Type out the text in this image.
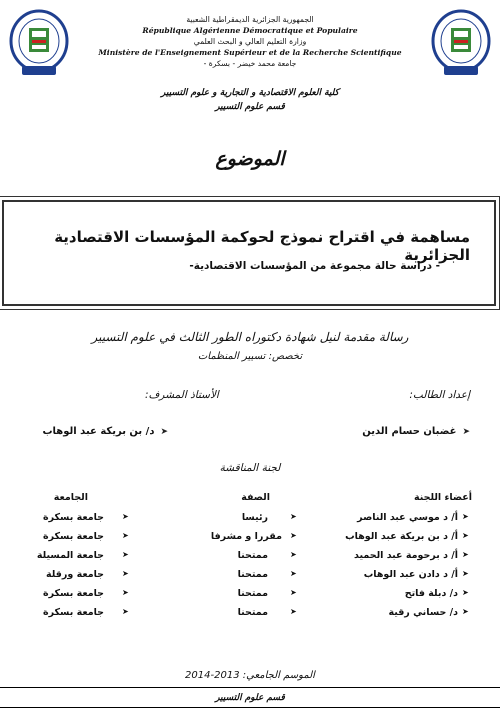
الجمهورية الجزائرية الديمقراطية الشعبية
République Algérienne Démocratique et Populaire
وزارة التعليم العالي و البحث العلمي
Ministère de l'Enseignement Supérieur et de la Recherche Scientifique
جامعة محمد خيضر - بسكرة -
كلية العلوم الاقتصادية و التجارية و علوم التسيير
قسم علوم التسيير
الموضوع
مساهمة في اقتراح نموذج لحوكمة المؤسسات الاقتصادية الجزائرية
- دراسة حالة مجموعة من المؤسسات الاقتصادية-
رسالة مقدمة لنيل شهادة دكتوراه الطور الثالث في علوم التسيير
تخصص: تسيير المنظمات
إعداد الطالب:
الأستاذ المشرف:
➤
غضبان حسام الدين
➤
د/ بن بريكة عبد الوهاب
لجنة المناقشة
أعضاء اللجنة
الصفة
الجامعة
➤
أ/ د موسي عبد الناصر
➤
رئيسا
➤
جامعة بسكرة
➤
أ/ د بن بريكة عبد الوهاب
➤
مقررا و مشرفا
➤
جامعة بسكرة
➤
أ/ د برحومة عبد الحميد
➤
ممتحنا
➤
جامعة المسيلة
➤
أ/ د دادن عبد الوهاب
➤
ممتحنا
➤
جامعة ورقلة
➤
د/ دبلة فاتح
➤
ممتحنا
➤
جامعة بسكرة
➤
د/ حساني رقية
➤
ممتحنا
➤
جامعة بسكرة
الموسم الجامعي: 2013-2014
قسم علوم التسيير
